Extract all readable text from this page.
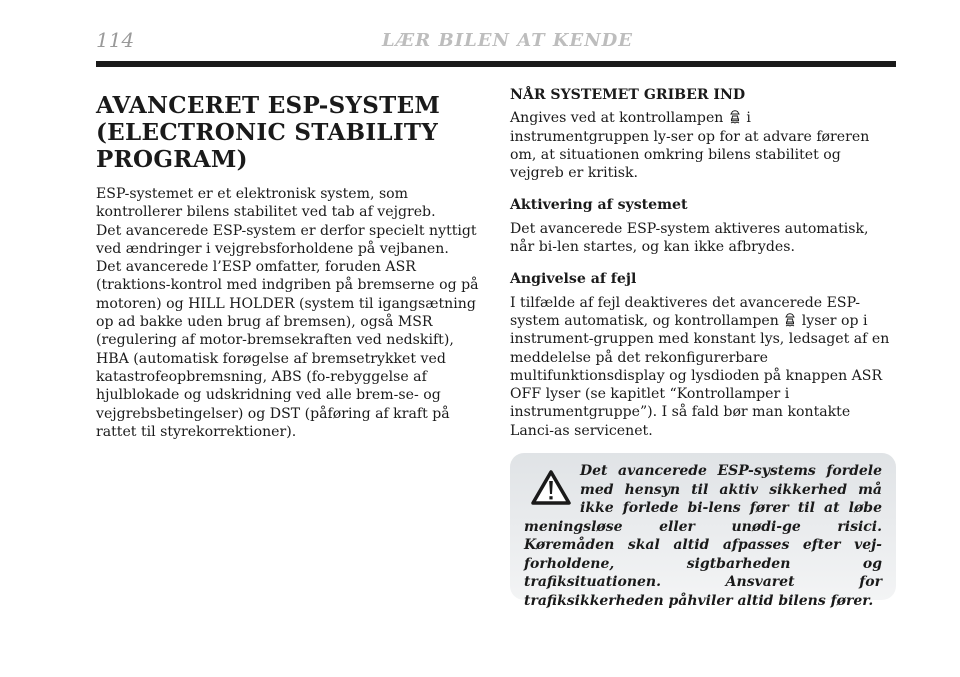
114	LÆR BILEN AT KENDE
AVANCERET ESP-SYSTEM (ELECTRONIC STABILITY PROGRAM)

ESP-systemet er et elektronisk system, som kontrollerer bilens stabilitet ved tab af vejgreb.

Det avancerede ESP-system er derfor specielt nyttigt ved ændringer i vejgrebsforholdene på vejbanen.

Det avancerede l’ESP omfatter, foruden ASR (traktions-kontrol med indgriben på bremserne og på motoren) og HILL HOLDER (system til igangsætning op ad bakke uden brug af bremsen), også MSR (regulering af motor-bremsekraften ved nedskift), HBA (automatisk forøgelse af bremsetrykket ved katastrofeopbremsning, ABS (fo-rebyggelse af hjulblokade og udskridning ved alle brem-se- og vejgrebsbetingelser) og DST (påføring af kraft på rattet til styrekorrektioner).

NÅR SYSTEMET GRIBER IND

Angives ved at kontrollampen i instrumentgruppen ly-ser op for at advare føreren om, at situationen omkring bilens stabilitet og vejgreb er kritisk.

Aktivering af systemet

Det avancerede ESP-system aktiveres automatisk, når bi-len startes, og kan ikke afbrydes.

Angivelse af fejl

I tilfælde af fejl deaktiveres det avancerede ESP-system automatisk, og kontrollampen lyser op i instrument-gruppen med konstant lys, ledsaget af en meddelelse på det rekonfigurerbare multifunktionsdisplay og lysdioden på knappen ASR OFF lyser (se kapitlet “Kontrollamper i instrumentgruppe”). I så fald bør man kontakte Lanci-as servicenet.

Det avancerede ESP-systems fordele med hensyn til aktiv sikkerhed må ikke forlede bi-lens fører til at løbe meningsløse eller unødi-ge risici. Køremåden skal altid afpasses efter vej-forholdene, sigtbarheden og trafiksituationen. Ansvaret for trafiksikkerheden påhviler altid bilens fører.
